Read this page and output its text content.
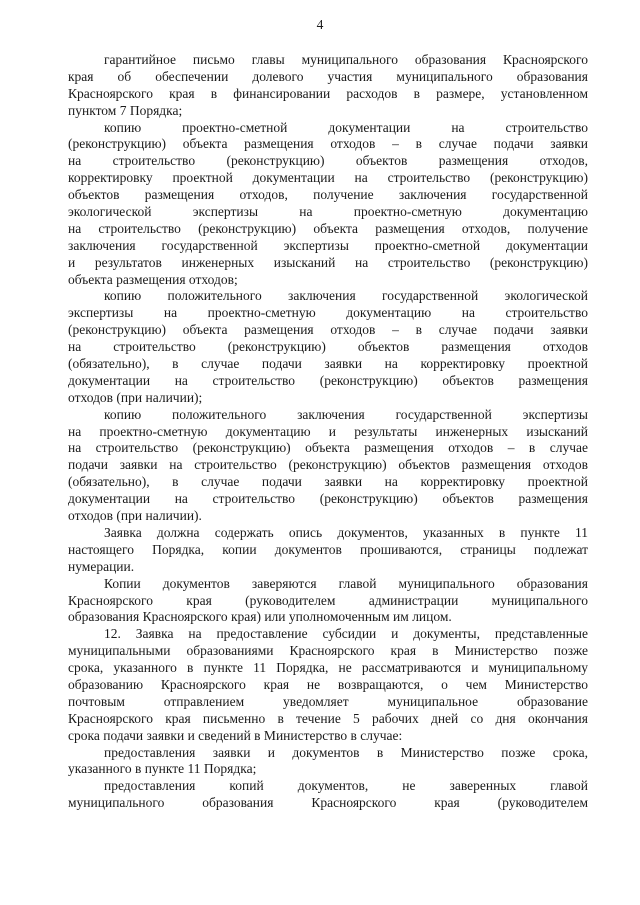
4
гарантийное письмо главы муниципального образования Красноярского
края об обеспечении долевого участия муниципального образования
Красноярского края в финансировании расходов в размере, установленном
пунктом 7 Порядка;
копию проектно-сметной документации на строительство
(реконструкцию) объекта размещения отходов – в случае подачи заявки
на строительство (реконструкцию) объектов размещения отходов,
корректировку проектной документации на строительство (реконструкцию)
объектов размещения отходов, получение заключения государственной
экологической экспертизы на проектно-сметную документацию
на строительство (реконструкцию) объекта размещения отходов, получение
заключения государственной экспертизы проектно-сметной документации
и результатов инженерных изысканий на строительство (реконструкцию)
объекта размещения отходов;
копию положительного заключения государственной экологической
экспертизы на проектно-сметную документацию на строительство
(реконструкцию) объекта размещения отходов – в случае подачи заявки
на строительство (реконструкцию) объектов размещения отходов
(обязательно), в случае подачи заявки на корректировку проектной
документации на строительство (реконструкцию) объектов размещения
отходов (при наличии);
копию положительного заключения государственной экспертизы
на проектно-сметную документацию и результаты инженерных изысканий
на строительство (реконструкцию) объекта размещения отходов – в случае
подачи заявки на строительство (реконструкцию) объектов размещения отходов
(обязательно), в случае подачи заявки на корректировку проектной
документации на строительство (реконструкцию) объектов размещения
отходов (при наличии).
Заявка должна содержать опись документов, указанных в пункте 11
настоящего Порядка, копии документов прошиваются, страницы подлежат
нумерации.
Копии документов заверяются главой муниципального образования
Красноярского края (руководителем администрации муниципального
образования Красноярского края) или уполномоченным им лицом.
12. Заявка на предоставление субсидии и документы, представленные
муниципальными образованиями Красноярского края в Министерство позже
срока, указанного в пункте 11 Порядка, не рассматриваются и муниципальному
образованию Красноярского края не возвращаются, о чем Министерство
почтовым отправлением уведомляет муниципальное образование
Красноярского края письменно в течение 5 рабочих дней со дня окончания
срока подачи заявки и сведений в Министерство в случае:
предоставления заявки и документов в Министерство позже срока,
указанного в пункте 11 Порядка;
предоставления копий документов, не заверенных главой
муниципального образования Красноярского края (руководителем
